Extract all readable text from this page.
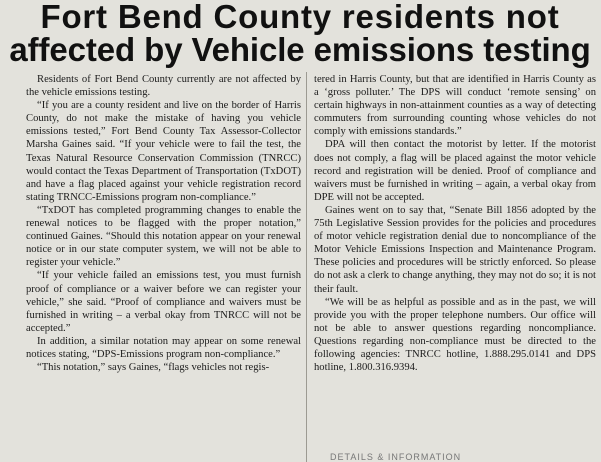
Fort Bend County residents not
affected by Vehicle emissions testing

Residents of Fort Bend County currently are not affected by the vehicle emissions testing.

“If you are a county resident and live on the border of Harris County, do not make the mistake of having you vehicle emissions tested,” Fort Bend County Tax Assessor-Collector Marsha Gaines said. “If your vehicle were to fail the test, the Texas Natural Resource Conservation Commission (TNRCC) would contact the Texas Department of Transportation (TxDOT) and have a flag placed against your vehicle registration record stating TRNCC-Emissions program non-compliance.”

“TxDOT has completed programming changes to enable the renewal notices to be flagged with the proper notation,” continued Gaines. “Should this notation appear on your renewal notice or in our state computer system, we will not be able to register your vehicle.”

“If your vehicle failed an emissions test, you must furnish proof of compliance or a waiver before we can register your vehicle,” she said. “Proof of compliance and waivers must be furnished in writing – a verbal okay from TNRCC will not be accepted.”

In addition, a similar notation may appear on some renewal notices stating, “DPS-Emissions program non-compliance.”

“This notation,” says Gaines, “flags vehicles not regis-

tered in Harris County, but that are identified in Harris County as a ‘gross polluter.’ The DPS will conduct ‘remote sensing’ on certain highways in non-attainment counties as a way of detecting commuters from surrounding counting whose vehicles do not comply with emissions standards.”

DPA will then contact the motorist by letter. If the motorist does not comply, a flag will be placed against the motor vehicle record and registration will be denied. Proof of compliance and waivers must be furnished in writing – again, a verbal okay from DPE will not be accepted.

Gaines went on to say that, “Senate Bill 1856 adopted by the 75th Legislative Session provides for the policies and procedures of motor vehicle registration denial due to noncompliance of the Motor Vehicle Emissions Inspection and Maintenance Program. These policies and procedures will be strictly enforced. So please do not ask a clerk to change anything, they may not do so; it is not their fault.

“We will be as helpful as possible and as in the past, we will provide you with the proper telephone numbers. Our office will not be able to answer questions regarding noncompliance. Questions regarding non-compliance must be directed to the following agencies: TNRCC hotline, 1.888.295.0141 and DPS hotline, 1.800.316.9394.

DETAILS & INFORMATION
